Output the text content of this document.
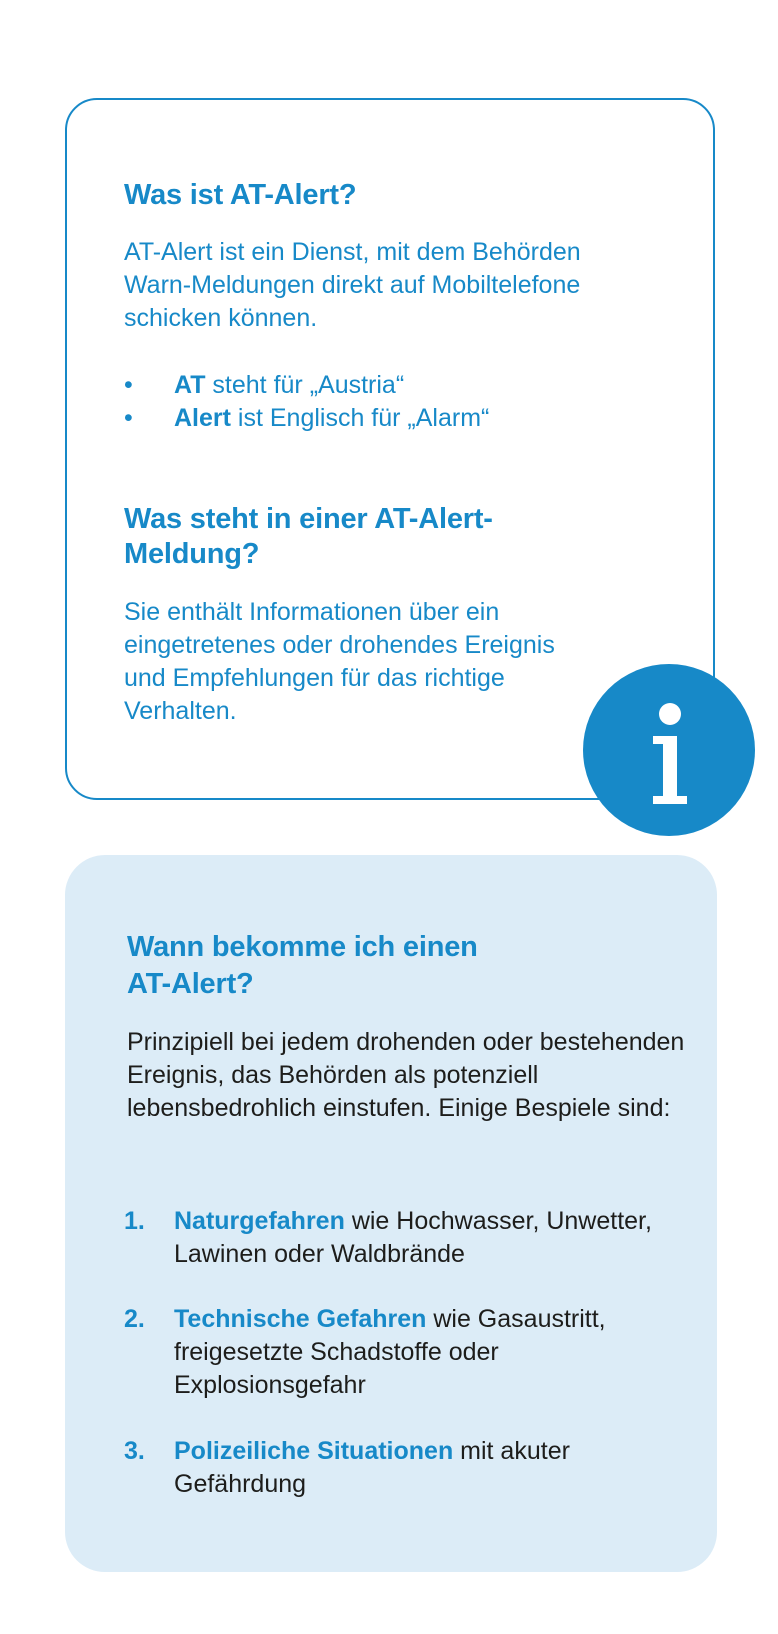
Was ist AT-Alert?

AT-Alert ist ein Dienst, mit dem Behörden Warn-Meldungen direkt auf Mobiltelefone schicken können.

•	AT steht für „Austria“
•	Alert ist Englisch für „Alarm“
Was steht in einer AT-Alert-
Meldung?

Sie enthält Informationen über ein eingetretenes oder drohendes Ereignis und Empfehlungen für das richtige Verhalten.

Wann bekomme ich einen
AT-Alert?

Prinzipiell bei jedem drohenden oder bestehenden Ereignis, das Behörden als potenziell lebensbedrohlich einstufen. Einige Bespiele sind:

1. Naturgefahren wie Hochwasser, Unwetter, Lawinen oder Waldbrände
2. Technische Gefahren wie Gasaustritt, freigesetzte Schadstoffe oder Explosionsgefahr
3. Polizeiliche Situationen mit akuter Gefährdung
